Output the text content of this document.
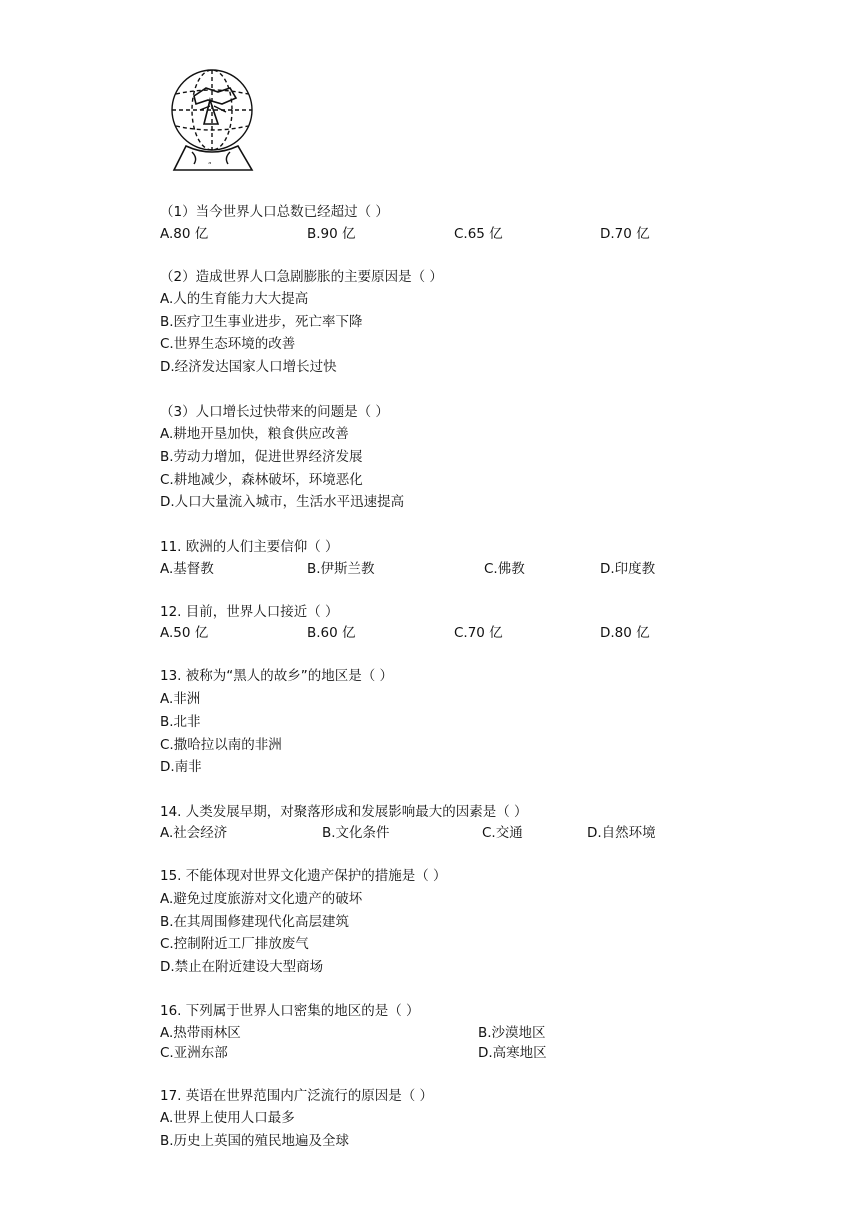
“
（1）当今世界人口总数已经超过（ ）
A.80 亿	B.90 亿	C.65 亿	D.70 亿
（2）造成世界人口急剧膨胀的主要原因是（ ）
A.人的生育能力大大提高
B.医疗卫生事业进步，死亡率下降
C.世界生态环境的改善
D.经济发达国家人口增长过快
（3）人口增长过快带来的问题是（ ）
A.耕地开垦加快，粮食供应改善
B.劳动力增加，促进世界经济发展
C.耕地减少，森林破坏，环境恶化
D.人口大量流入城市，生活水平迅速提高
11. 欧洲的人们主要信仰（ ）
A.基督教	B.伊斯兰教	C.佛教	D.印度教
12. 目前，世界人口接近（ ）
A.50 亿	B.60 亿	C.70 亿	D.80 亿
13. 被称为“黑人的故乡”的地区是（ ）
A.非洲
B.北非
C.撒哈拉以南的非洲
D.南非
14. 人类发展早期，对聚落形成和发展影响最大的因素是（ ）
A.社会经济	B.文化条件	C.交通	D.自然环境
15. 不能体现对世界文化遗产保护的措施是（ ）
A.避免过度旅游对文化遗产的破坏
B.在其周围修建现代化高层建筑
C.控制附近工厂排放废气
D.禁止在附近建设大型商场
16. 下列属于世界人口密集的地区的是（ ）
A.热带雨林区	B.沙漠地区
C.亚洲东部	D.高寒地区
17. 英语在世界范围内广泛流行的原因是（ ）
A.世界上使用人口最多
B.历史上英国的殖民地遍及全球
